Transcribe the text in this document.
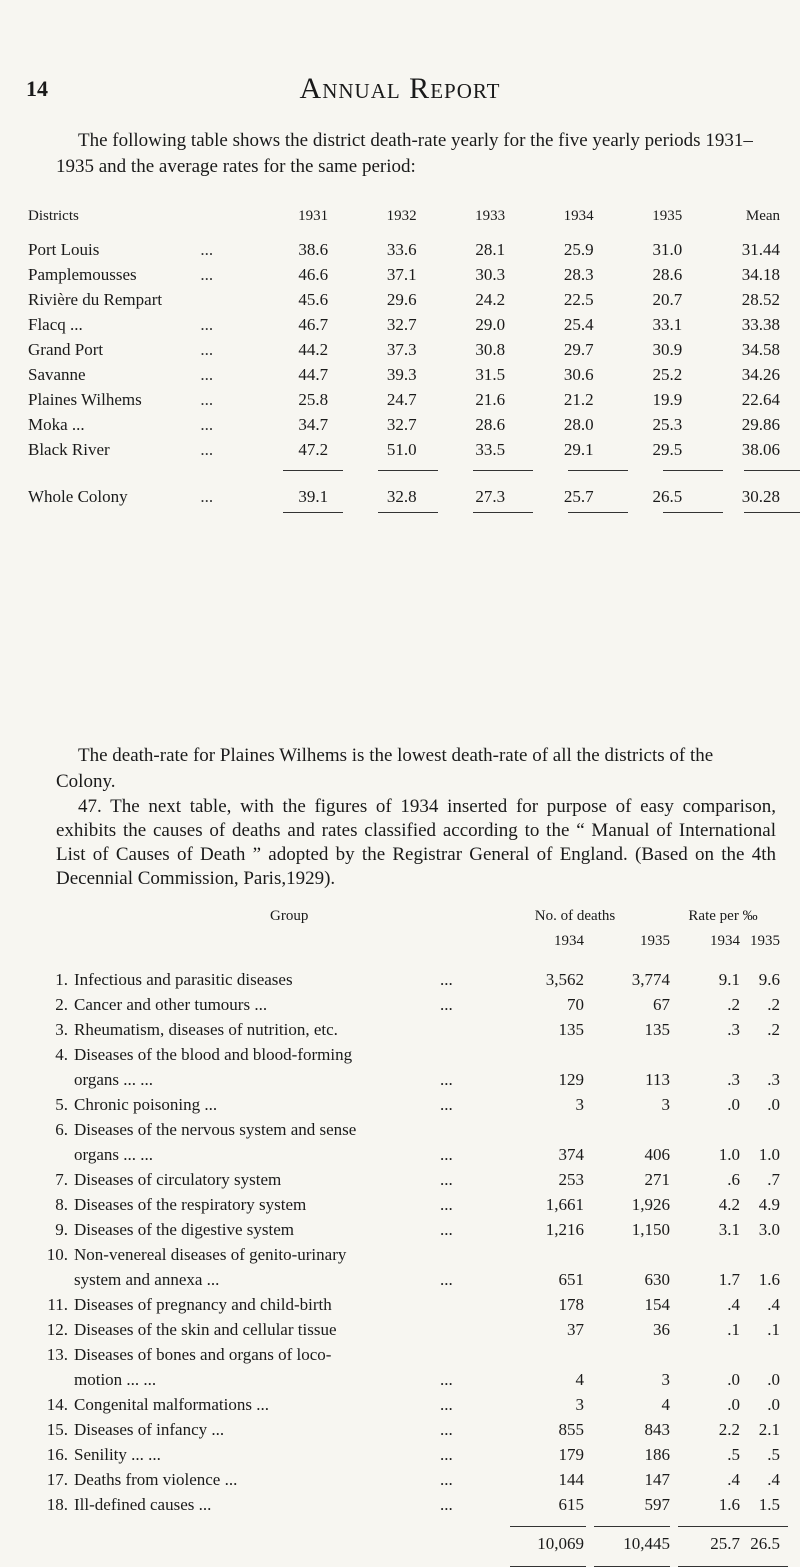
14	Annual Report
The following table shows the district death-rate yearly for the five yearly periods 1931–1935 and the average rates for the same period:
Districts	1931	1932	1933	1934	1935	Mean
Port Louis	...	38.6	33.6	28.1	25.9	31.0	31.44
Pamplemousses	...	46.6	37.1	30.3	28.3	28.6	34.18
Rivière du Rempart	45.6	29.6	24.2	22.5	20.7	28.52
Flacq ...	...	46.7	32.7	29.0	25.4	33.1	33.38
Grand Port	...	44.2	37.3	30.8	29.7	30.9	34.58
Savanne	...	44.7	39.3	31.5	30.6	25.2	34.26
Plaines Wilhems	...	25.8	24.7	21.6	21.2	19.9	22.64
Moka ...	...	34.7	32.7	28.6	28.0	25.3	29.86
Black River	...	47.2	51.0	33.5	29.1	29.5	38.06
Whole Colony	...	39.1	32.8	27.3	25.7	26.5	30.28
The death-rate for Plaines Wilhems is the lowest death-rate of all the districts of the Colony.
47. The next table, with the figures of 1934 inserted for purpose of easy comparison, exhibits the causes of deaths and rates classified according to the “ Manual of International List of Causes of Death ” adopted by the Registrar General of England. (Based on the 4th Decennial Commission, Paris,1929).
Group	No. of deaths	Rate per ‰
1934	1935	1934 1935
1. Infectious and parasitic diseases	...	3,562	3,774	9.1	9.6
2. Cancer and other tumours ...	...	70	67	.2	.2
3. Rheumatism, diseases of nutrition, etc.	135	135	.3	.2
4. Diseases of the blood and blood-forming
organs ... ...	...	129	113	.3	.3
5. Chronic poisoning ...	...	3	3	.0	.0
6. Diseases of the nervous system and sense
organs ... ...	...	374	406	1.0	1.0
7. Diseases of circulatory system	...	253	271	.6	.7
8. Diseases of the respiratory system	...	1,661	1,926	4.2	4.9
9. Diseases of the digestive system	...	1,216	1,150	3.1	3.0
10. Non-venereal diseases of genito-urinary
system and annexa ...	...	651	630	1.7	1.6
11. Diseases of pregnancy and child-birth	178	154	.4	.4
12. Diseases of the skin and cellular tissue	37	36	.1	.1
13. Diseases of bones and organs of loco-
motion ... ...	...	4	3	.0	.0
14. Congenital malformations ...	...	3	4	.0	.0
15. Diseases of infancy ...	...	855	843	2.2	2.1
16. Senility ... ...	...	179	186	.5	.5
17. Deaths from violence ...	...	144	147	.4	.4
18. Ill-defined causes ...	...	615	597	1.6	1.5
10,069	10,445	25.7 26.5
